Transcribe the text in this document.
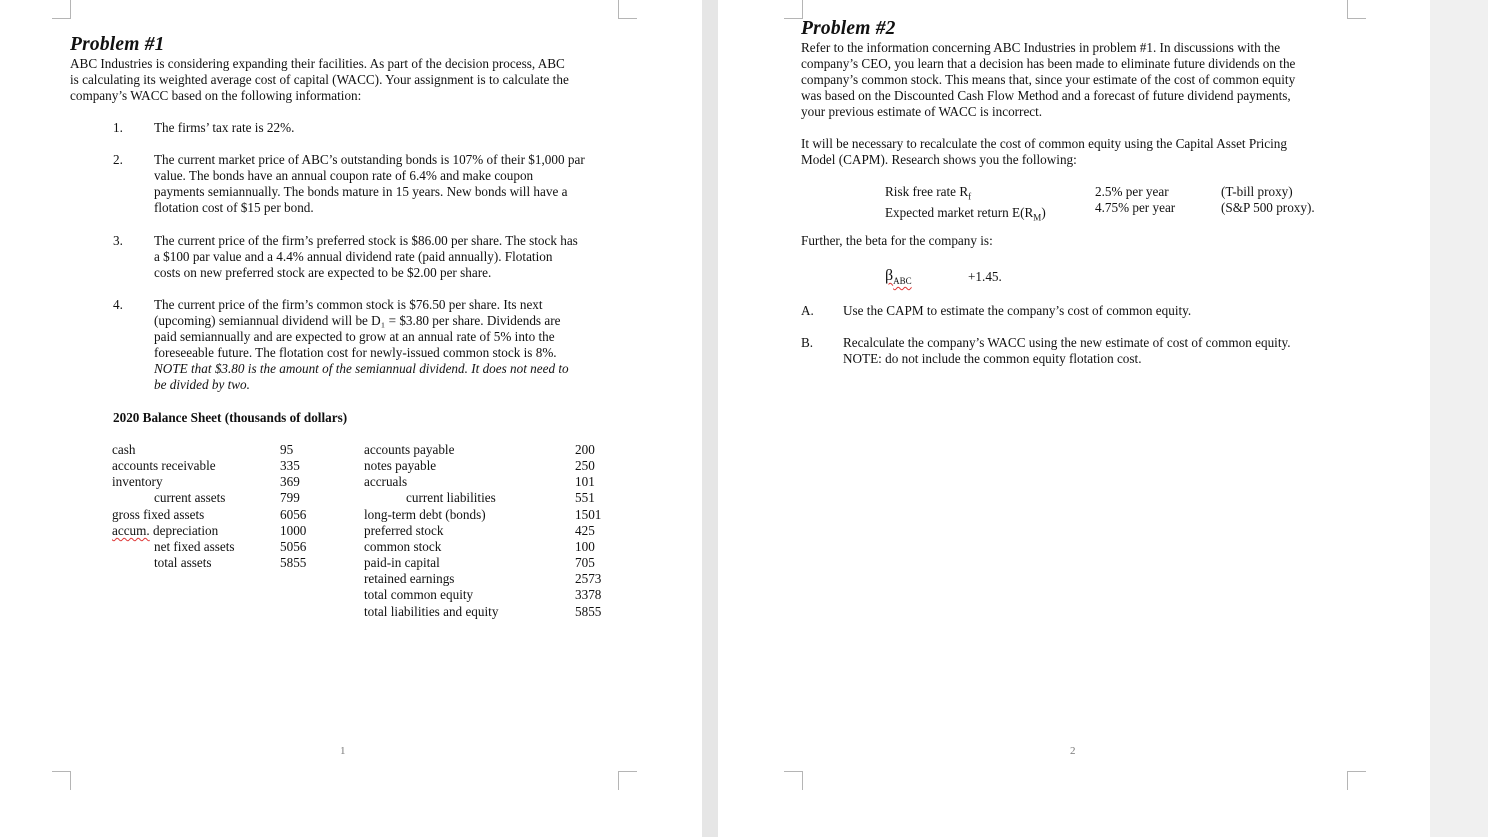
Problem #1
ABC Industries is considering expanding their facilities. As part of the decision process, ABC
is calculating its weighted average cost of capital (WACC). Your assignment is to calculate the
company’s WACC based on the following information:
1. The firms’ tax rate is 22%.
2. The current market price of ABC’s outstanding bonds is 107% of their $1,000 par
value. The bonds have an annual coupon rate of 6.4% and make coupon
payments semiannually. The bonds mature in 15 years. New bonds will have a
flotation cost of $15 per bond.
3. The current price of the firm’s preferred stock is $86.00 per share. The stock has
a $100 par value and a 4.4% annual dividend rate (paid annually). Flotation
costs on new preferred stock are expected to be $2.00 per share.
4. The current price of the firm’s common stock is $76.50 per share. Its next
(upcoming) semiannual dividend will be D₁ = $3.80 per share. Dividends are
paid semiannually and are expected to grow at an annual rate of 5% into the
foreseeable future. The flotation cost for newly-issued common stock is 8%.
NOTE that $3.80 is the amount of the semiannual dividend. It does not need to
be divided by two.
2020 Balance Sheet (thousands of dollars)
cash
accounts receivable
inventory
current assets
gross fixed assets
accum. depreciation
net fixed assets
total assets
95
335
369
799
6056
1000
5056
5855
accounts payable
notes payable
accruals
current liabilities
long-term debt (bonds)
preferred stock
common stock
paid-in capital
retained earnings
total common equity
total liabilities and equity
200
250
101
551
1501
425
100
705
2573
3378
5855
1
Problem #2
Refer to the information concerning ABC Industries in problem #1. In discussions with the
company’s CEO, you learn that a decision has been made to eliminate future dividends on the
company’s common stock. This means that, since your estimate of the cost of common equity
was based on the Discounted Cash Flow Method and a forecast of future dividend payments,
your previous estimate of WACC is incorrect.
It will be necessary to recalculate the cost of common equity using the Capital Asset Pricing
Model (CAPM). Research shows you the following:
Risk free rate $R_f$
Expected market return $E(R_M)$
2.5% per year
4.75% per year
(T-bill proxy)
(S&P 500 proxy).
Further, the beta for the company is:
$\beta_{ABC}$	+1.45.
A. Use the CAPM to estimate the company’s cost of common equity.
B. Recalculate the company’s WACC using the new estimate of cost of common equity.
NOTE: do not include the common equity flotation cost.
2
